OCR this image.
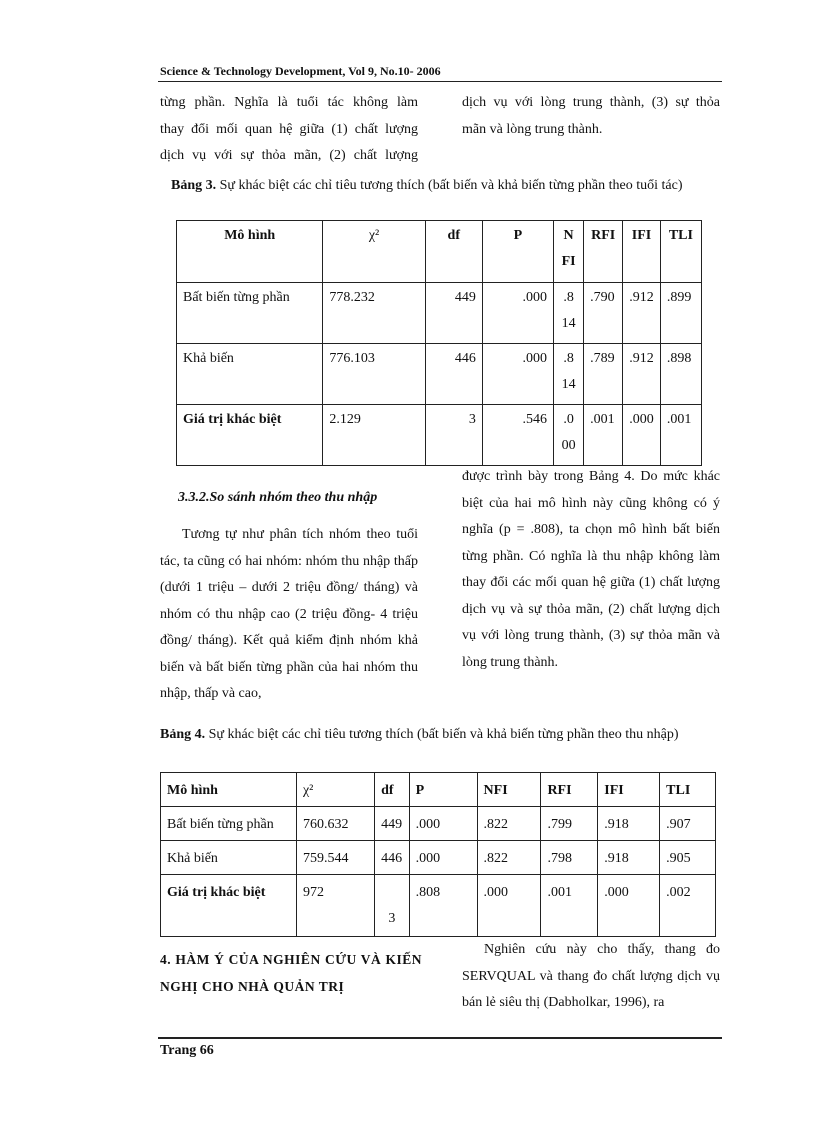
Science & Technology Development, Vol 9, No.10- 2006

từng phần. Nghĩa là tuổi tác không làm

thay đổi mối quan hệ giữa (1) chất lượng

dịch vụ với sự thỏa mãn, (2) chất lượng

dịch vụ với lòng trung thành, (3) sự thỏa

mãn và lòng trung thành.

Bảng 3. Sự khác biệt các chỉ tiêu tương thích (bất biến và khả biến từng phần theo tuổi tác)
Mô hình	χ²	df	P	NFI	RFI	IFI	TLI
Bất biến từng phần	778.232	449	.000	.814	.790	.912	.899
Khả biến	776.103	446	.000	.814	.789	.912	.898
Giá trị khác biệt	2.129	3	.546	.000	.001	.000	.001
3.3.2.So sánh nhóm theo thu nhập

Tương tự như phân tích nhóm theo tuổi tác, ta cũng có hai nhóm: nhóm thu nhập thấp (dưới 1 triệu – dưới 2 triệu đồng/ tháng) và nhóm có thu nhập cao (2 triệu đồng- 4 triệu đồng/ tháng). Kết quả kiểm định nhóm khả biến và bất biến từng phần của hai nhóm thu nhập, thấp và cao,

được trình bày trong Bảng 4. Do mức khác biệt của hai mô hình này cũng không có ý nghĩa (p = .808), ta chọn mô hình bất biến từng phần. Có nghĩa là thu nhập không làm thay đổi các mối quan hệ giữa (1) chất lượng dịch vụ và sự thỏa mãn, (2) chất lượng dịch vụ với lòng trung thành, (3) sự thỏa mãn và lòng trung thành.

Bảng 4. Sự khác biệt các chỉ tiêu tương thích (bất biến và khả biến từng phần theo thu nhập)
Mô hình	χ²	df	P	NFI	RFI	IFI	TLI
Bất biến từng phần	760.632	449	.000	.822	.799	.918	.907
Khả biến	759.544	446	.000	.822	.798	.918	.905
Giá trị khác biệt	972	3	.808	.000	.001	.000	.002
4. HÀM Ý CỦA NGHIÊN CỨU VÀ KIẾN NGHỊ CHO NHÀ QUẢN TRỊ

Nghiên cứu này cho thấy, thang đo SERVQUAL và thang đo chất lượng dịch vụ bán lẻ siêu thị (Dabholkar, 1996), ra

Trang 66
